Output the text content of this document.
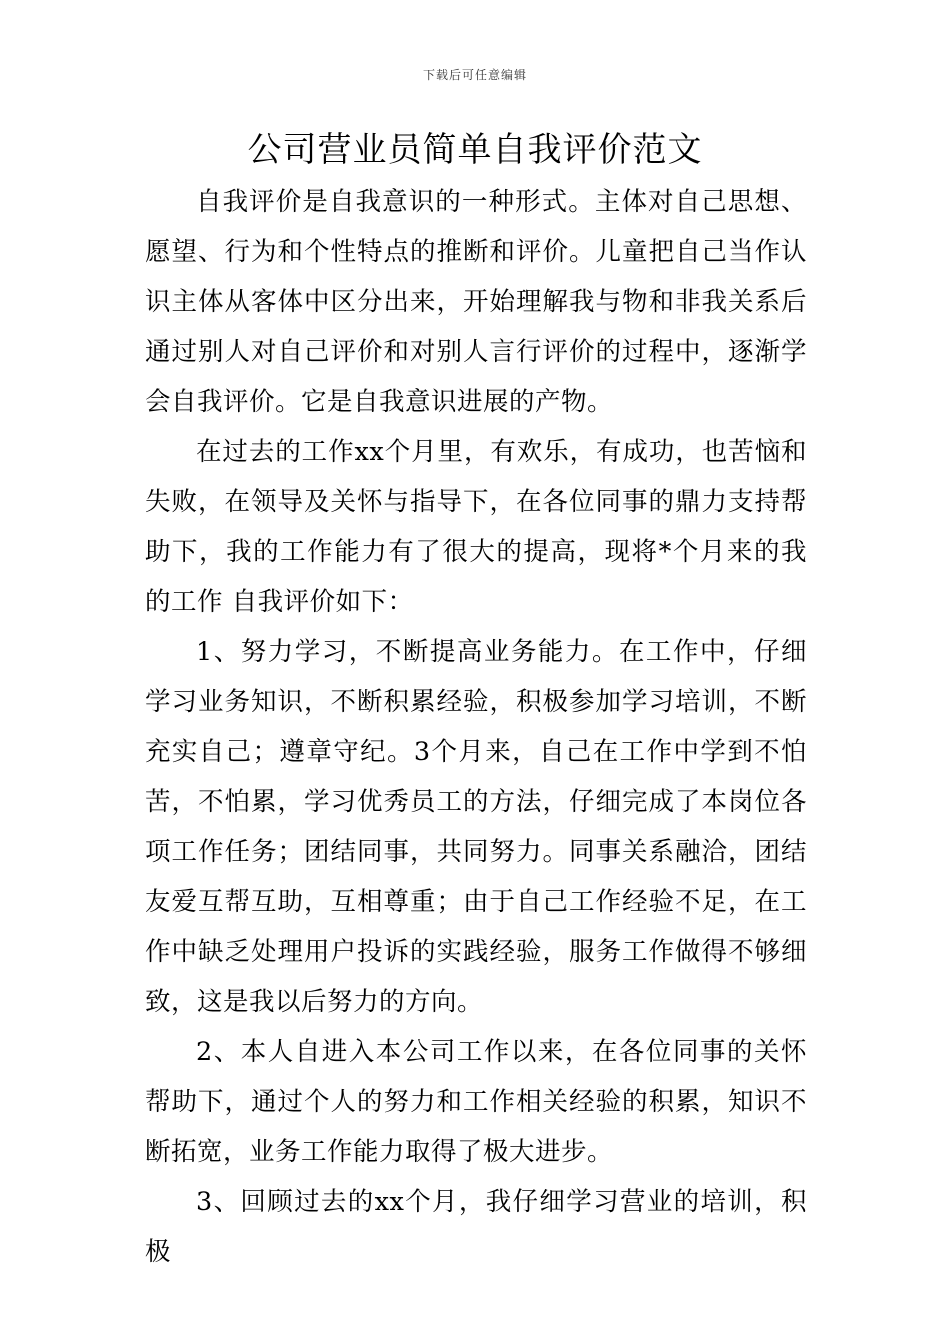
下载后可任意编辑
公司营业员简单自我评价范文

自我评价是自我意识的一种形式。主体对自己思想、愿望、行为和个性特点的推断和评价。儿童把自己当作认识主体从客体中区分出来，开始理解我与物和非我关系后通过别人对自己评价和对别人言行评价的过程中，逐渐学会自我评价。它是自我意识进展的产物。

在过去的工作xx个月里，有欢乐，有成功，也苦恼和失败，在领导及关怀与指导下，在各位同事的鼎力支持帮助下，我的工作能力有了很大的提高，现将*个月来的我的工作 自我评价如下：

1、努力学习，不断提高业务能力。在工作中，仔细学习业务知识，不断积累经验，积极参加学习培训，不断充实自己；遵章守纪。3个月来，自己在工作中学到不怕苦，不怕累，学习优秀员工的方法，仔细完成了本岗位各项工作任务；团结同事，共同努力。同事关系融洽，团结友爱互帮互助，互相尊重；由于自己工作经验不足，在工作中缺乏处理用户投诉的实践经验，服务工作做得不够细致，这是我以后努力的方向。

2、本人自进入本公司工作以来，在各位同事的关怀帮助下，通过个人的努力和工作相关经验的积累，知识不断拓宽，业务工作能力取得了极大进步。

3、回顾过去的xx个月，我仔细学习营业的培训，积极
